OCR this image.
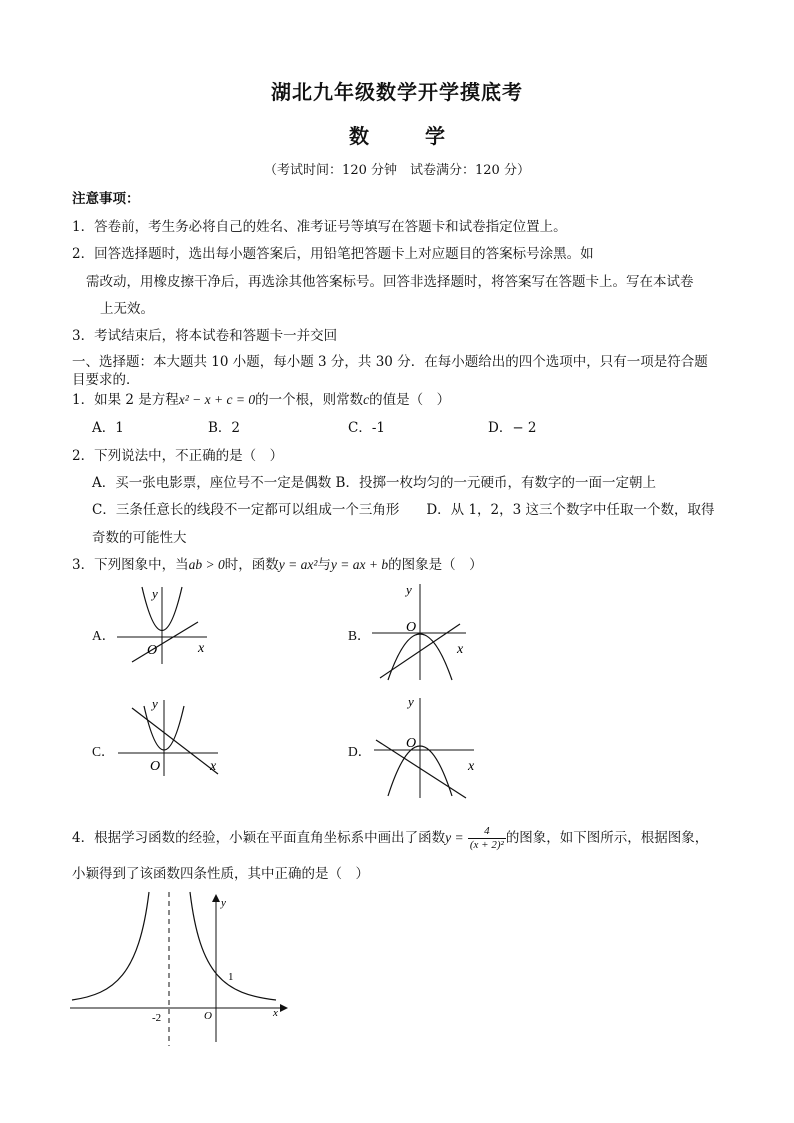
湖北九年级数学开学摸底考
数	学
（考试时间：120 分钟　试卷满分：120 分）
注意事项：
1．答卷前，考生务必将自己的姓名、准考证号等填写在答题卡和试卷指定位置上。
2．回答选择题时，选出每小题答案后，用铅笔把答题卡上对应题目的答案标号涂黑。如
需改动，用橡皮擦干净后，再选涂其他答案标号。回答非选择题时，将答案写在答题卡上。写在本试卷
上无效。
3．考试结束后，将本试卷和答题卡一并交回
一、选择题：本大题共 10 小题，每小题 3 分，共 30 分．在每小题给出的四个选项中，只有一项是符合题
目要求的．
1．如果 2 是方程x² − x + c = 0的一个根，则常数c的值是（　）
A．1	B．2	C．-1	D．− 2
2．下列说法中，不正确的是（　）
A．买一张电影票，座位号不一定是偶数 B．投掷一枚均匀的一元硬币，有数字的一面一定朝上
C．三条任意长的线段不一定都可以组成一个三角形　　D．从 1，2，3 这三个数字中任取一个数，取得
奇数的可能性大
3．下列图象中，当ab > 0时，函数y = ax²与y = ax + b的图象是（　）
A．	B．
C．	D．
y
x
O
y
x
O
y
x
O
y
x
O
4．根据学习函数的经验，小颖在平面直角坐标系中画出了函数$y = \frac{4}{\text{(x + 2)²}}$ 的图象，如下图所示，根据图象，
小颖得到了该函数四条性质，其中正确的是（　）
1
-2	O	x
y
